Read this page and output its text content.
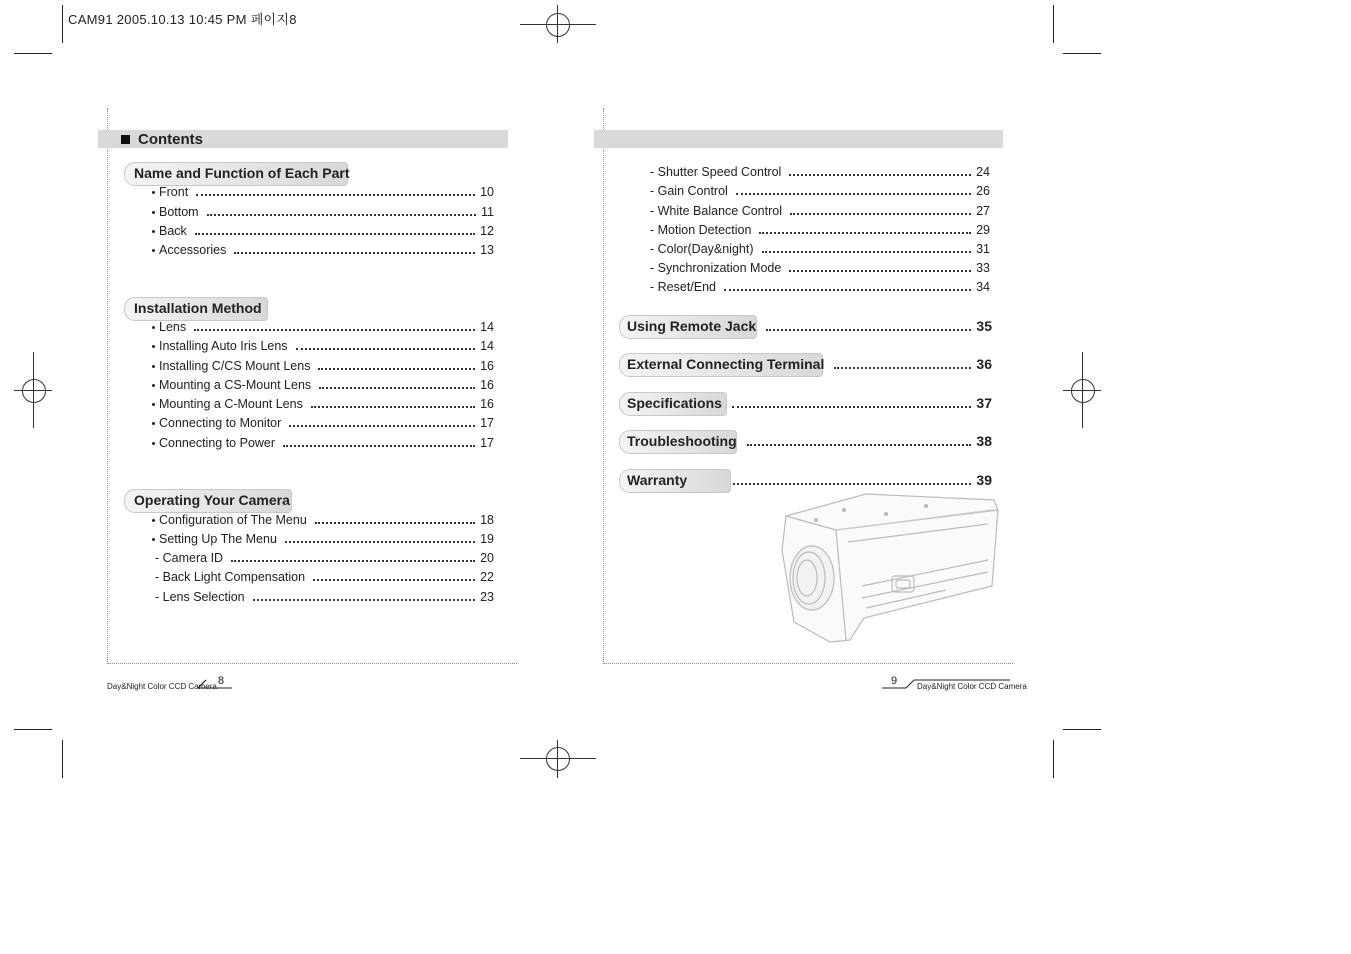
CAM91 2005.10.13 10:45 PM 페이지8
Contents
Name and Function of Each Part
Front	10
Bottom	11
Back	12
Accessories	13
Installation Method
Lens	14
Installing Auto Iris Lens	14
Installing C/CS Mount Lens	16
Mounting a CS-Mount Lens	16
Mounting a C-Mount Lens	16
Connecting to Monitor	17
Connecting to Power	17
Operating Your Camera
Configuration of The Menu	18
Setting Up The Menu	19
- Camera ID	20
- Back Light Compensation	22
- Lens Selection	23
Day&Night Color CCD Camera 8
- Shutter Speed Control	24
- Gain Control	26
- White Balance Control	27
- Motion Detection	29
- Color(Day&night)	31
- Synchronization Mode	33
- Reset/End	34
Using Remote Jack	35
External Connecting Terminal	36
Specifications	37
Troubleshooting	38
Warranty	39
9 Day&Night Color CCD Camera
